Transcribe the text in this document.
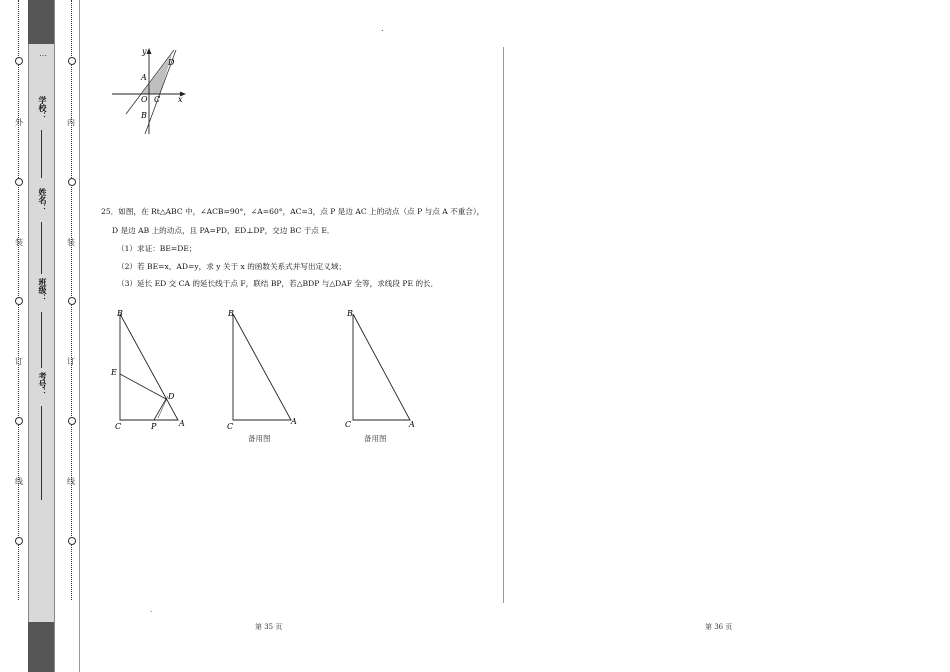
外
装
订
线
内
装
订
线
…
学校：
姓名：
班级：
考号：
.
y
x
A
O C
D
B
25．如图，在 Rt△ABC 中，∠ACB=90°，∠A=60°，AC=3，点 P 是边 AC 上的动点（点 P 与点 A 不重合），
D 是边 AB 上的动点，且 PA=PD，ED⊥DP，交边 BC 于点 E．
（1）求证：BE=DE；
（2）若 BE=x，AD=y，求 y 关于 x 的函数关系式并写出定义域；
（3）延长 ED 交 CA 的延长线于点 F，联结 BP，若△BDP 与△DAF 全等，求线段 PE 的长．
B
E
D
C	P	A
B
C
A
备用图
B
C	A
备用图
.
第 35 页	第 36 页
